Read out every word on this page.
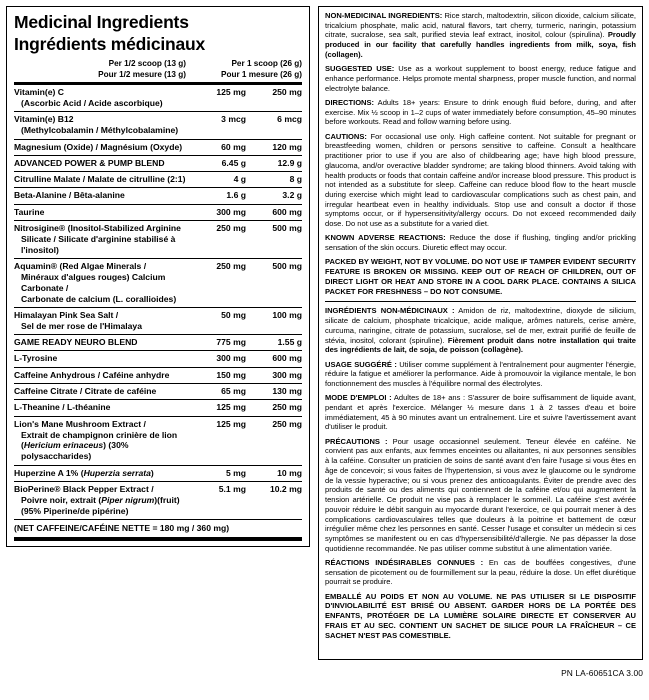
Medicinal Ingredients
Ingrédients médicinaux
Per 1/2 scoop (13 g)	Per 1 scoop (26 g)
Pour 1/2 mesure (13 g)	Pour 1 mesure (26 g)
Vitamin(e) C
(Ascorbic Acid / Acide ascorbique)	125 mg	250 mg
Vitamin(e) B12
(Methylcobalamin / Méthylcobalamine)	3 mcg	6 mcg
Magnesium (Oxide) / Magnésium (Oxyde)	60 mg	120 mg
ADVANCED POWER & PUMP BLEND	6.45 g	12.9 g
Citrulline Malate / Malate de citrulline (2:1)	4 g	8 g
Beta-Alanine / Bêta-alanine	1.6 g	3.2 g
Taurine	300 mg	600 mg
Nitrosigine® (Inositol-Stabilized Arginine
Silicate / Silicate d'arginine stabilisé à l'inositol)	250 mg	500 mg
Aquamin® (Red Algae Minerals /
Minéraux d'algues rouges) Calcium Carbonate /
Carbonate de calcium (L. corallioides)	250 mg	500 mg
Himalayan Pink Sea Salt /
Sel de mer rose de l'Himalaya	50 mg	100 mg
GAME READY NEURO BLEND	775 mg	1.55 g
L-Tyrosine	300 mg	600 mg
Caffeine Anhydrous / Caféine anhydre	150 mg	300 mg
Caffeine Citrate / Citrate de caféine	65 mg	130 mg
L-Theanine / L-théanine	125 mg	250 mg
Lion's Mane Mushroom Extract /
Extrait de champignon crinière de lion
(Hericium erinaceus) (30% polysaccharides)	125 mg	250 mg
Huperzine A 1% (Huperzia serrata)	5 mg	10 mg
BioPerine® Black Pepper Extract /
Poivre noir, extrait (Piper nigrum)(fruit) (95% Piperine/de pipérine)	5.1 mg	10.2 mg
(NET CAFFEINE/CAFÉINE NETTE = 180 mg / 360 mg)
NON-MEDICINAL INGREDIENTS: Rice starch, maltodextrin, silicon dioxide, calcium silicate, tricalcium phosphate, malic acid, natural flavors, tart cherry, turmeric, naringin, potassium citrate, sucralose, sea salt, purified stevia leaf extract, inositol, colour (spirulina). Proudly produced in our facility that carefully handles ingredients from milk, soya, fish (collagen).
SUGGESTED USE: Use as a workout supplement to boost energy, reduce fatigue and enhance performance. Helps promote mental sharpness, proper muscle function, and normal electrolyte balance.
DIRECTIONS: Adults 18+ years: Ensure to drink enough fluid before, during, and after exercise. Mix ½ scoop in 1–2 cups of water immediately before consumption, 45–90 minutes before workouts. Read and follow warning before using.
CAUTIONS: For occasional use only. High caffeine content. Not suitable for pregnant or breastfeeding women, children or persons sensitive to caffeine. Consult a healthcare practitioner prior to use if you are also of childbearing age; have high blood pressure, glaucoma, and/or overactive bladder syndrome; are taking blood thinners. Avoid taking with health products or foods that contain caffeine and/or increase blood pressure. This product is not intended as a substitute for sleep. Caffeine can reduce blood flow to the heart muscle during exercise which might lead to cardiovascular complications such as chest pain, and irregular heartbeat even in healthy individuals. Stop use and consult a doctor if those symptoms occur, or if hypersensitivity/allergy occurs. Do not exceed recommended daily dose. Do not use as a substitute for a varied diet.
KNOWN ADVERSE REACTIONS: Reduce the dose if flushing, tingling and/or prickling sensation of the skin occurs. Diuretic effect may occur.
PACKED BY WEIGHT, NOT BY VOLUME. DO NOT USE IF TAMPER EVIDENT SECURITY FEATURE IS BROKEN OR MISSING. KEEP OUT OF REACH OF CHILDREN, OUT OF DIRECT LIGHT OR HEAT AND STORE IN A COOL DARK PLACE. CONTAINS A SILICA PACKET FOR FRESHNESS – DO NOT CONSUME.
INGRÉDIENTS NON-MÉDICINAUX : Amidon de riz, maltodextrine, dioxyde de silicium, silicate de calcium, phosphate tricalcique, acide malique, arômes naturels, cerise amère, curcuma, naringine, citrate de potassium, sucralose, sel de mer, extrait purifié de feuille de stévia, inositol, colorant (spiruline). Fièrement produit dans notre installation qui traite des ingrédients de lait, de soja, de poisson (collagène).
USAGE SUGGÉRÉ : Utiliser comme supplément à l'entraînement pour augmenter l'énergie, réduire la fatigue et améliorer la performance. Aide à promouvoir la vigilance mentale, le bon fonctionnement des muscles à l'équilibre normal des électrolytes.
MODE D'EMPLOI : Adultes de 18+ ans : S'assurer de boire suffisamment de liquide avant, pendant et après l'exercice. Mélanger ½ mesure dans 1 à 2 tasses d'eau et boire immédiatement, 45 à 90 minutes avant un entraînement. Lire et suivre l'avertissement avant d'utiliser le produit.
PRÉCAUTIONS : Pour usage occasionnel seulement. Teneur élevée en caféine. Ne convient pas aux enfants, aux femmes enceintes ou allaitantes, ni aux personnes sensibles à la caféine. Consulter un praticien de soins de santé avant d'en faire l'usage si vous êtes en âge de concevoir; si vous faites de l'hypertension, si vous avez le glaucome ou le syndrome de la vessie hyperactive; ou si vous prenez des anticoagulants. Éviter de prendre avec des produits de santé ou des aliments qui contiennent de la caféine et/ou qui augmentent la tension artérielle. Ce produit ne vise pas à remplacer le sommeil. La caféine s'est avérée pouvoir réduire le débit sanguin au myocarde durant l'exercice, ce qui pourrait mener à des complications cardiovasculaires telles que douleurs à la poitrine et battement de cœur irrégulier même chez les personnes en santé. Cesser l'usage et consulter un médecin si ces symptômes se manifestent ou en cas d'hypersensibilité/d'allergie. Ne pas dépasser la dose quotidienne recommandée. Ne pas utiliser comme substitut à une alimentation variée.
RÉACTIONS INDÉSIRABLES CONNUES : En cas de bouffées congestives, d'une sensation de picotement ou de fourmillement sur la peau, réduire la dose. Un effet diurétique pourrait se produire.
EMBALLÉ AU POIDS ET NON AU VOLUME. NE PAS UTILISER SI LE DISPOSITIF D'INVIOLABILITÉ EST BRISÉ OU ABSENT. GARDER HORS DE LA PORTÉE DES ENFANTS, PROTÉGER DE LA LUMIÈRE SOLAIRE DIRECTE ET CONSERVER AU FRAIS ET AU SEC. CONTIENT UN SACHET DE SILICE POUR LA FRAÎCHEUR – CE SACHET N'EST PAS COMESTIBLE.
PN LA-60651CA 3.00
